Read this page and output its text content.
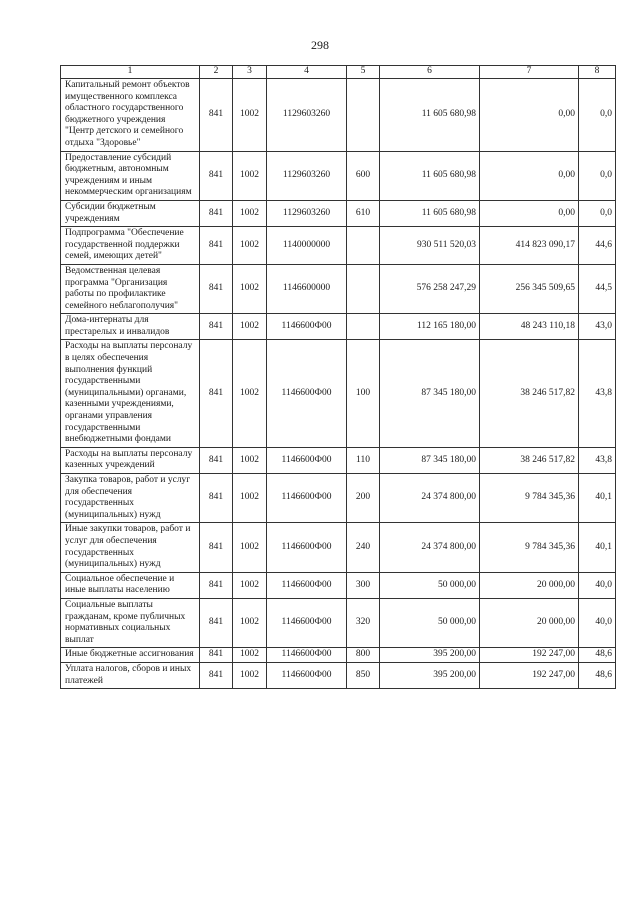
298
1	2	3	4	5	6	7	8
Капитальный ремонт объектов имущественного комплекса областного государственного бюджетного учреждения "Центр детского и семейного отдыха "Здоровье"	841	1002	1129603260		11 605 680,98	0,00	0,0
Предоставление субсидий бюджетным, автономным учреждениям и иным некоммерческим организациям	841	1002	1129603260	600	11 605 680,98	0,00	0,0
Субсидии бюджетным учреждениям	841	1002	1129603260	610	11 605 680,98	0,00	0,0
Подпрограмма "Обеспечение государственной поддержки семей, имеющих детей"	841	1002	1140000000		930 511 520,03	414 823 090,17	44,6
Ведомственная целевая программа "Организация работы по профилактике семейного неблагополучия"	841	1002	1146600000		576 258 247,29	256 345 509,65	44,5
Дома-интернаты для престарелых и инвалидов	841	1002	1146600Ф00		112 165 180,00	48 243 110,18	43,0
Расходы на выплаты персоналу в целях обеспечения выполнения функций государственными (муниципальными) органами, казенными учреждениями, органами управления государственными внебюджетными фондами	841	1002	1146600Ф00	100	87 345 180,00	38 246 517,82	43,8
Расходы на выплаты персоналу казенных учреждений	841	1002	1146600Ф00	110	87 345 180,00	38 246 517,82	43,8
Закупка товаров, работ и услуг для обеспечения государственных (муниципальных) нужд	841	1002	1146600Ф00	200	24 374 800,00	9 784 345,36	40,1
Иные закупки товаров, работ и услуг для обеспечения государственных (муниципальных) нужд	841	1002	1146600Ф00	240	24 374 800,00	9 784 345,36	40,1
Социальное обеспечение и иные выплаты населению	841	1002	1146600Ф00	300	50 000,00	20 000,00	40,0
Социальные выплаты гражданам, кроме публичных нормативных социальных выплат	841	1002	1146600Ф00	320	50 000,00	20 000,00	40,0
Иные бюджетные ассигнования	841	1002	1146600Ф00	800	395 200,00	192 247,00	48,6
Уплата налогов, сборов и иных платежей	841	1002	1146600Ф00	850	395 200,00	192 247,00	48,6
